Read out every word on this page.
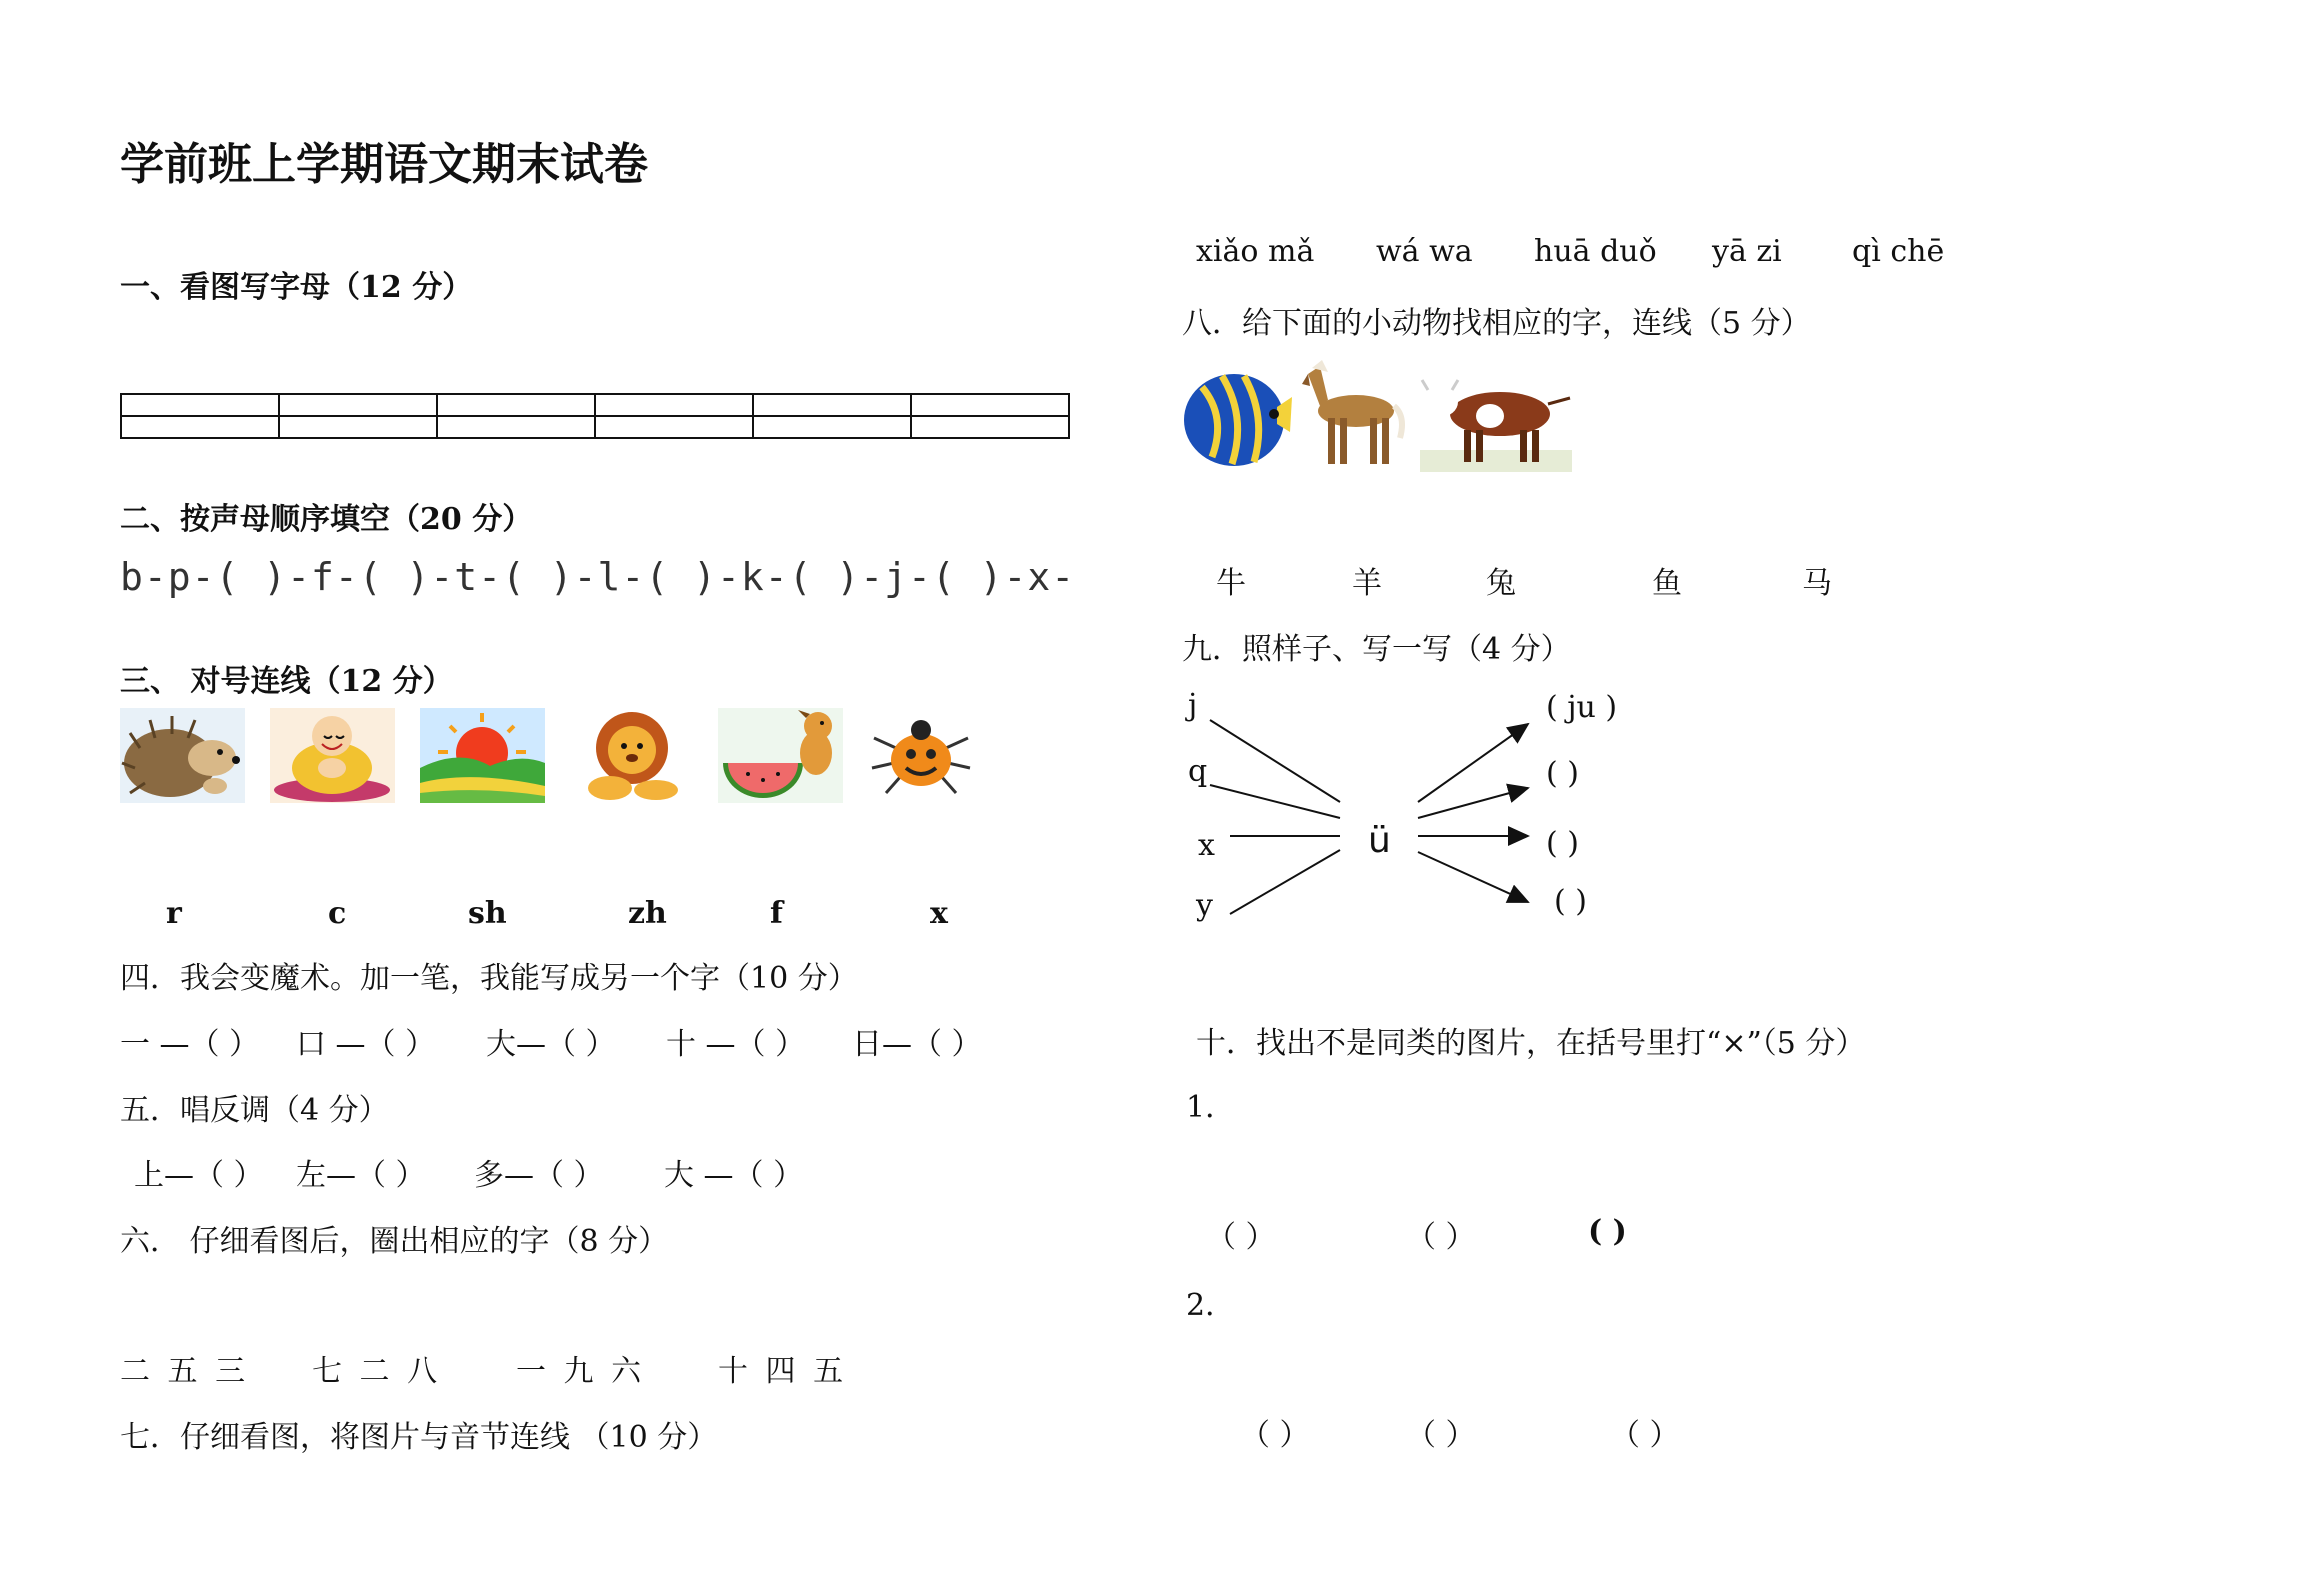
学前班上学期语文期末试卷
一、看图写字母（12 分）

二、按声母顺序填空（20 分）
b-p-( )-f-( )-t-( )-l-( )-k-( )-j-( )-x-
三、 对号连线（12 分）
r	c	sh	zh	f	x
四．我会变魔术。加一笔，我能写成另一个字（10 分）
一 —（ ） 口 —（ ） 大—（ ） 十 —（ ） 日—（ ）
五．唱反调（4 分）
上—（ ） 左—（ ） 多—（ ） 大 —（ ）
六． 仔细看图后，圈出相应的字（8 分）
二 五 三 七 二 八	一 九 六	十 四 五
七．仔细看图，将图片与音节连线 （10 分）
xiǎo mǎ wá wa huā duǒ yā zi qì chē
八．给下面的小动物找相应的字，连线（5 分）
牛	羊	兔	鱼	马
九．照样子、写一写（4 分）
j
q
x
y
ü
( ju )
( )
( )
( )
十．找出不是同类的图片，在括号里打“×”（5 分）
1．
（ ）	（ ）	( )
2．
（ ）	（ ）	（ ）
